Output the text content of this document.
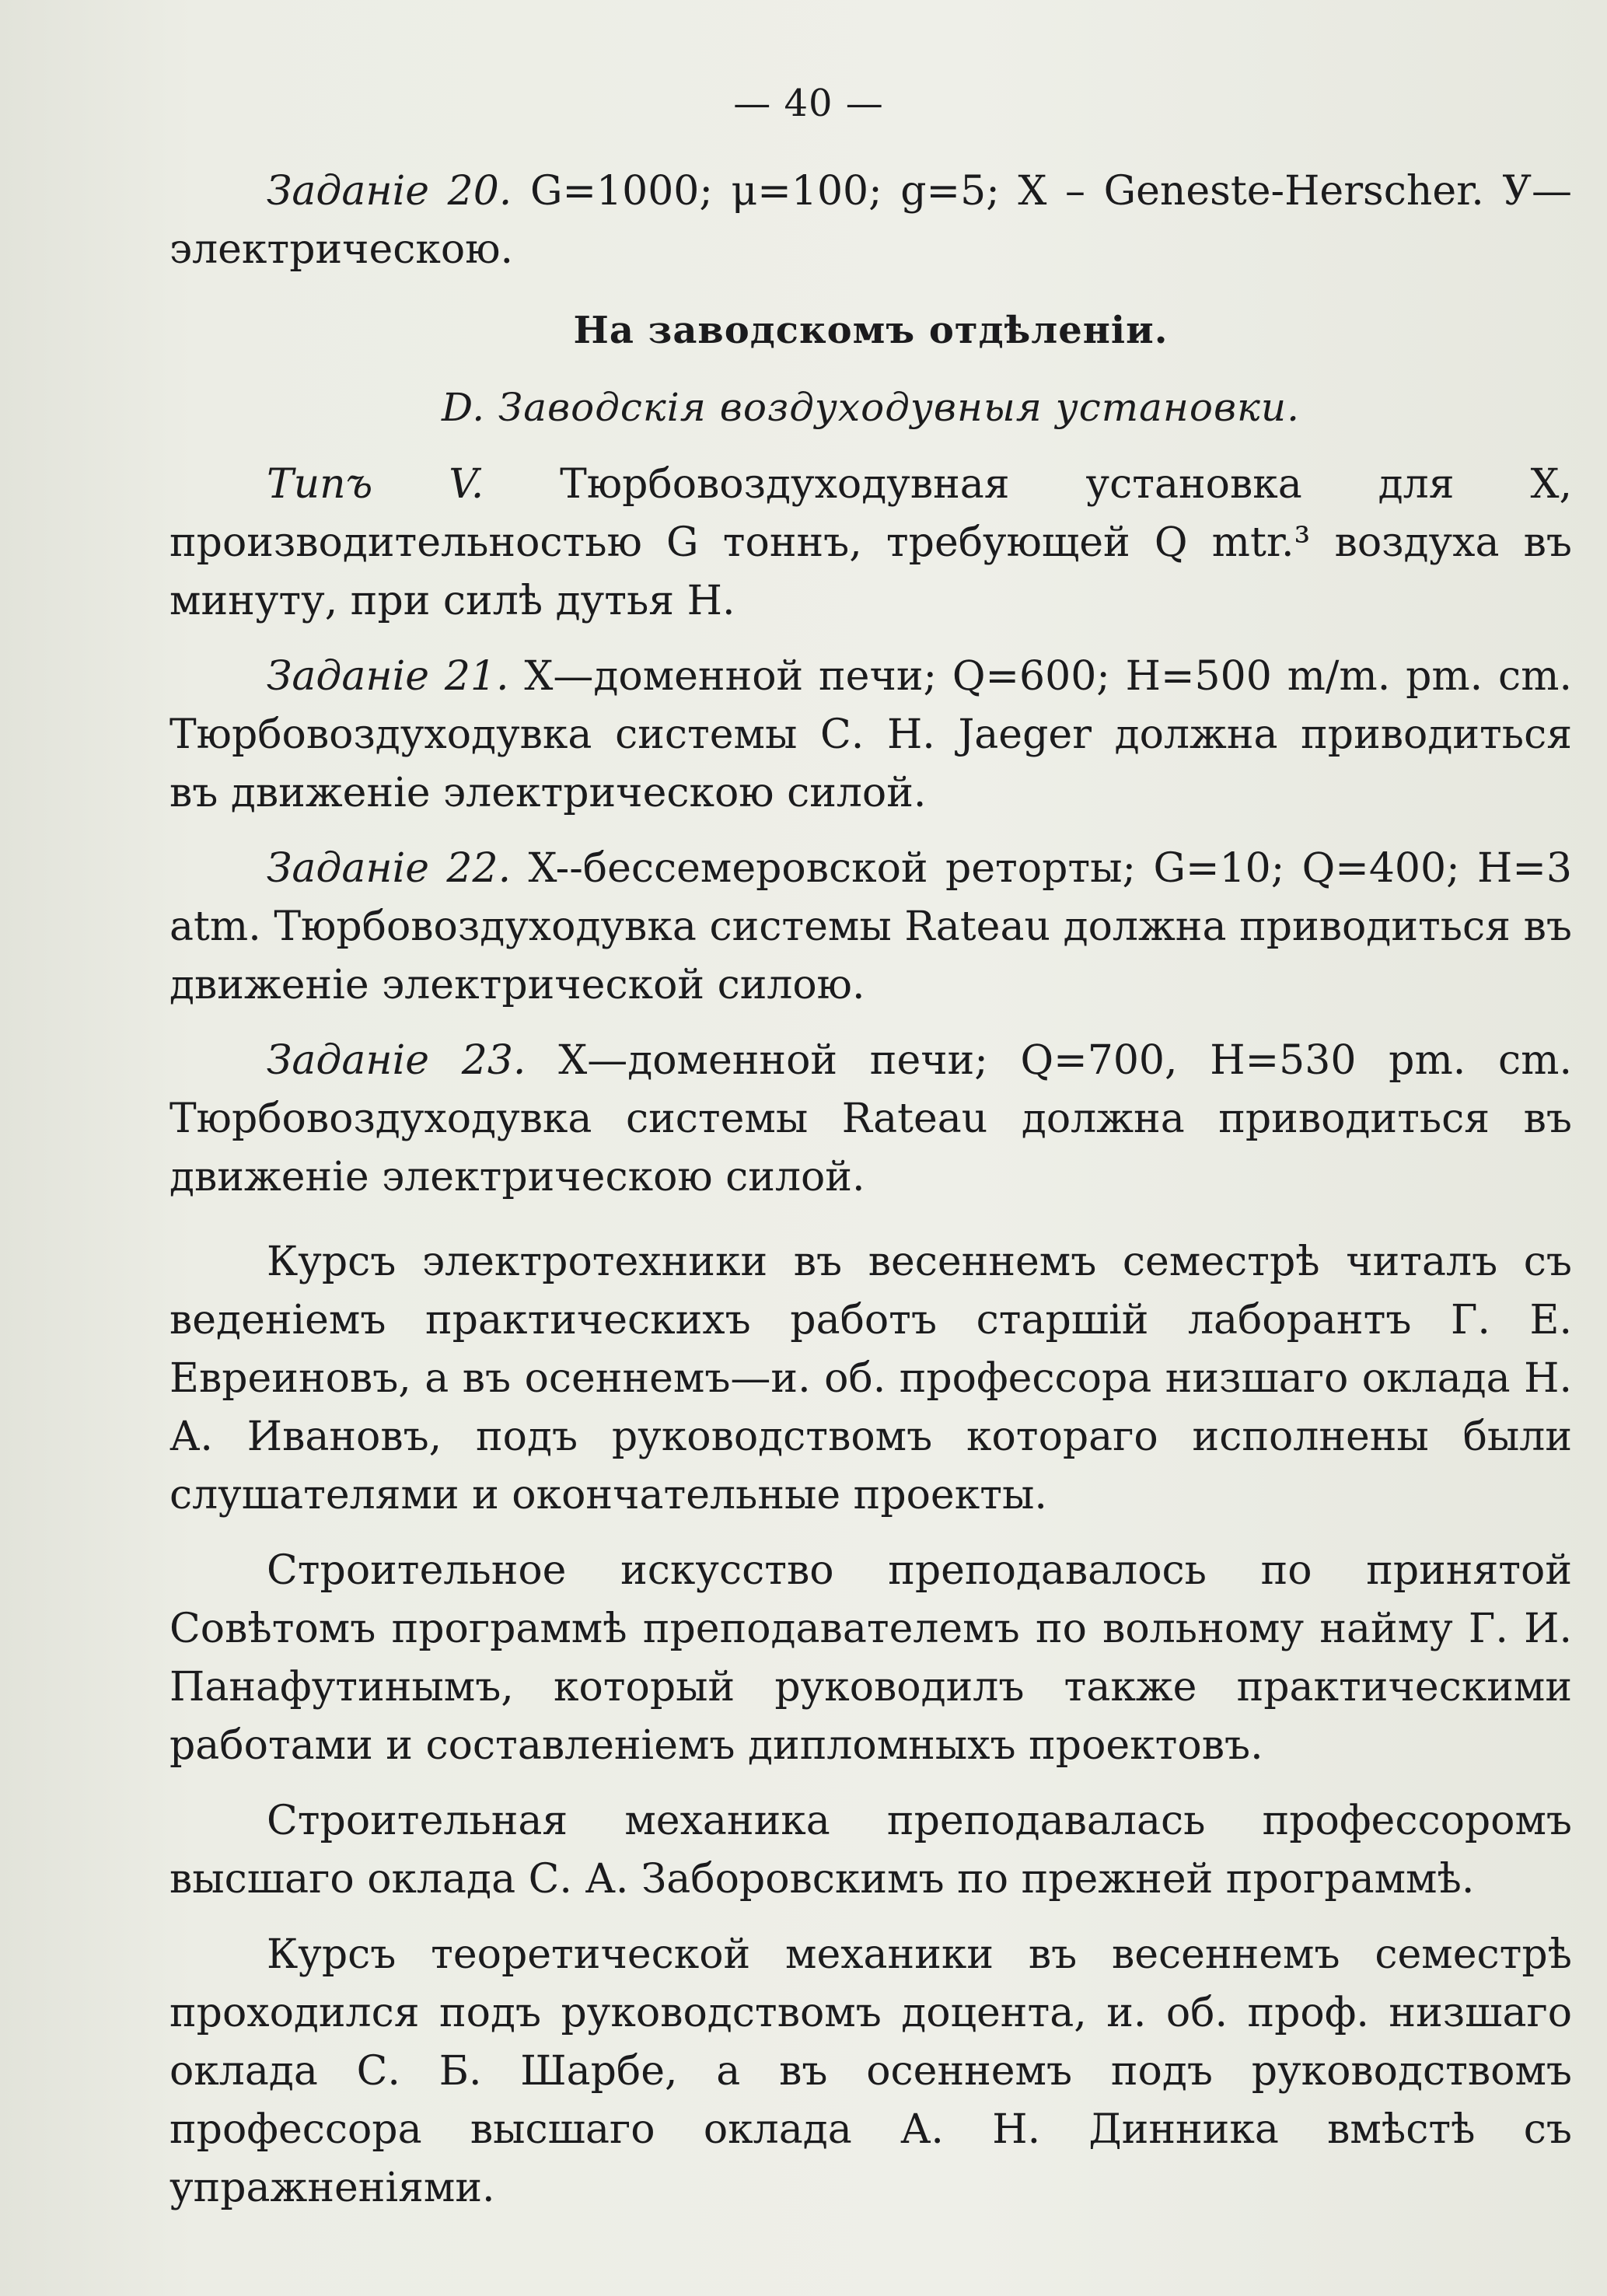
— 40 —

Заданіе 20. G=1000; μ=100; g=5; X – Geneste-Herscher. У—электрическою.

На заводскомъ отдѣленіи.
D. Заводскія воздуходувныя установки.

Типъ V. Тюрбовоздуходувная установка для X, производительностью G тоннъ, требующей Q mtr.³ воздуха въ минуту, при силѣ дутья H.

Заданіе 21. X—доменной печи; Q=600; H=500 m/m. pm. cm. Тюрбовоздуходувка системы С. H. Jaeger должна приводиться въ движеніе электрическою силой.

Заданіе 22. X--бессемеровской реторты; G=10; Q=400; H=3 atm. Тюрбовоздуходувка системы Rateau должна приводиться въ движеніе электрической силою.

Заданіе 23. X—доменной печи; Q=700, H=530 pm. cm. Тюрбовоздуходувка системы Rateau должна приводиться въ движеніе электрическою силой.

Курсъ электротехники въ весеннемъ семестрѣ читалъ съ веденіемъ практическихъ работъ старшій лаборантъ Г. Е. Евреиновъ, а въ осеннемъ—и. об. профессора низшаго оклада Н. А. Ивановъ, подъ руководствомъ котораго исполнены были слушателями и окончательные проекты.

Строительное искусство преподавалось по принятой Совѣтомъ программѣ преподавателемъ по вольному найму Г. И. Панафутинымъ, который руководилъ также практическими работами и составленіемъ дипломныхъ проектовъ.

Строительная механика преподавалась профессоромъ высшаго оклада С. А. Заборовскимъ по прежней программѣ.

Курсъ теоретической механики въ весеннемъ семестрѣ проходился подъ руководствомъ доцента, и. об. проф. низшаго оклада С. Б. Шарбе, а въ осеннемъ подъ руководствомъ профессора высшаго оклада А. Н. Динника вмѣстѣ съ упражненіями.
